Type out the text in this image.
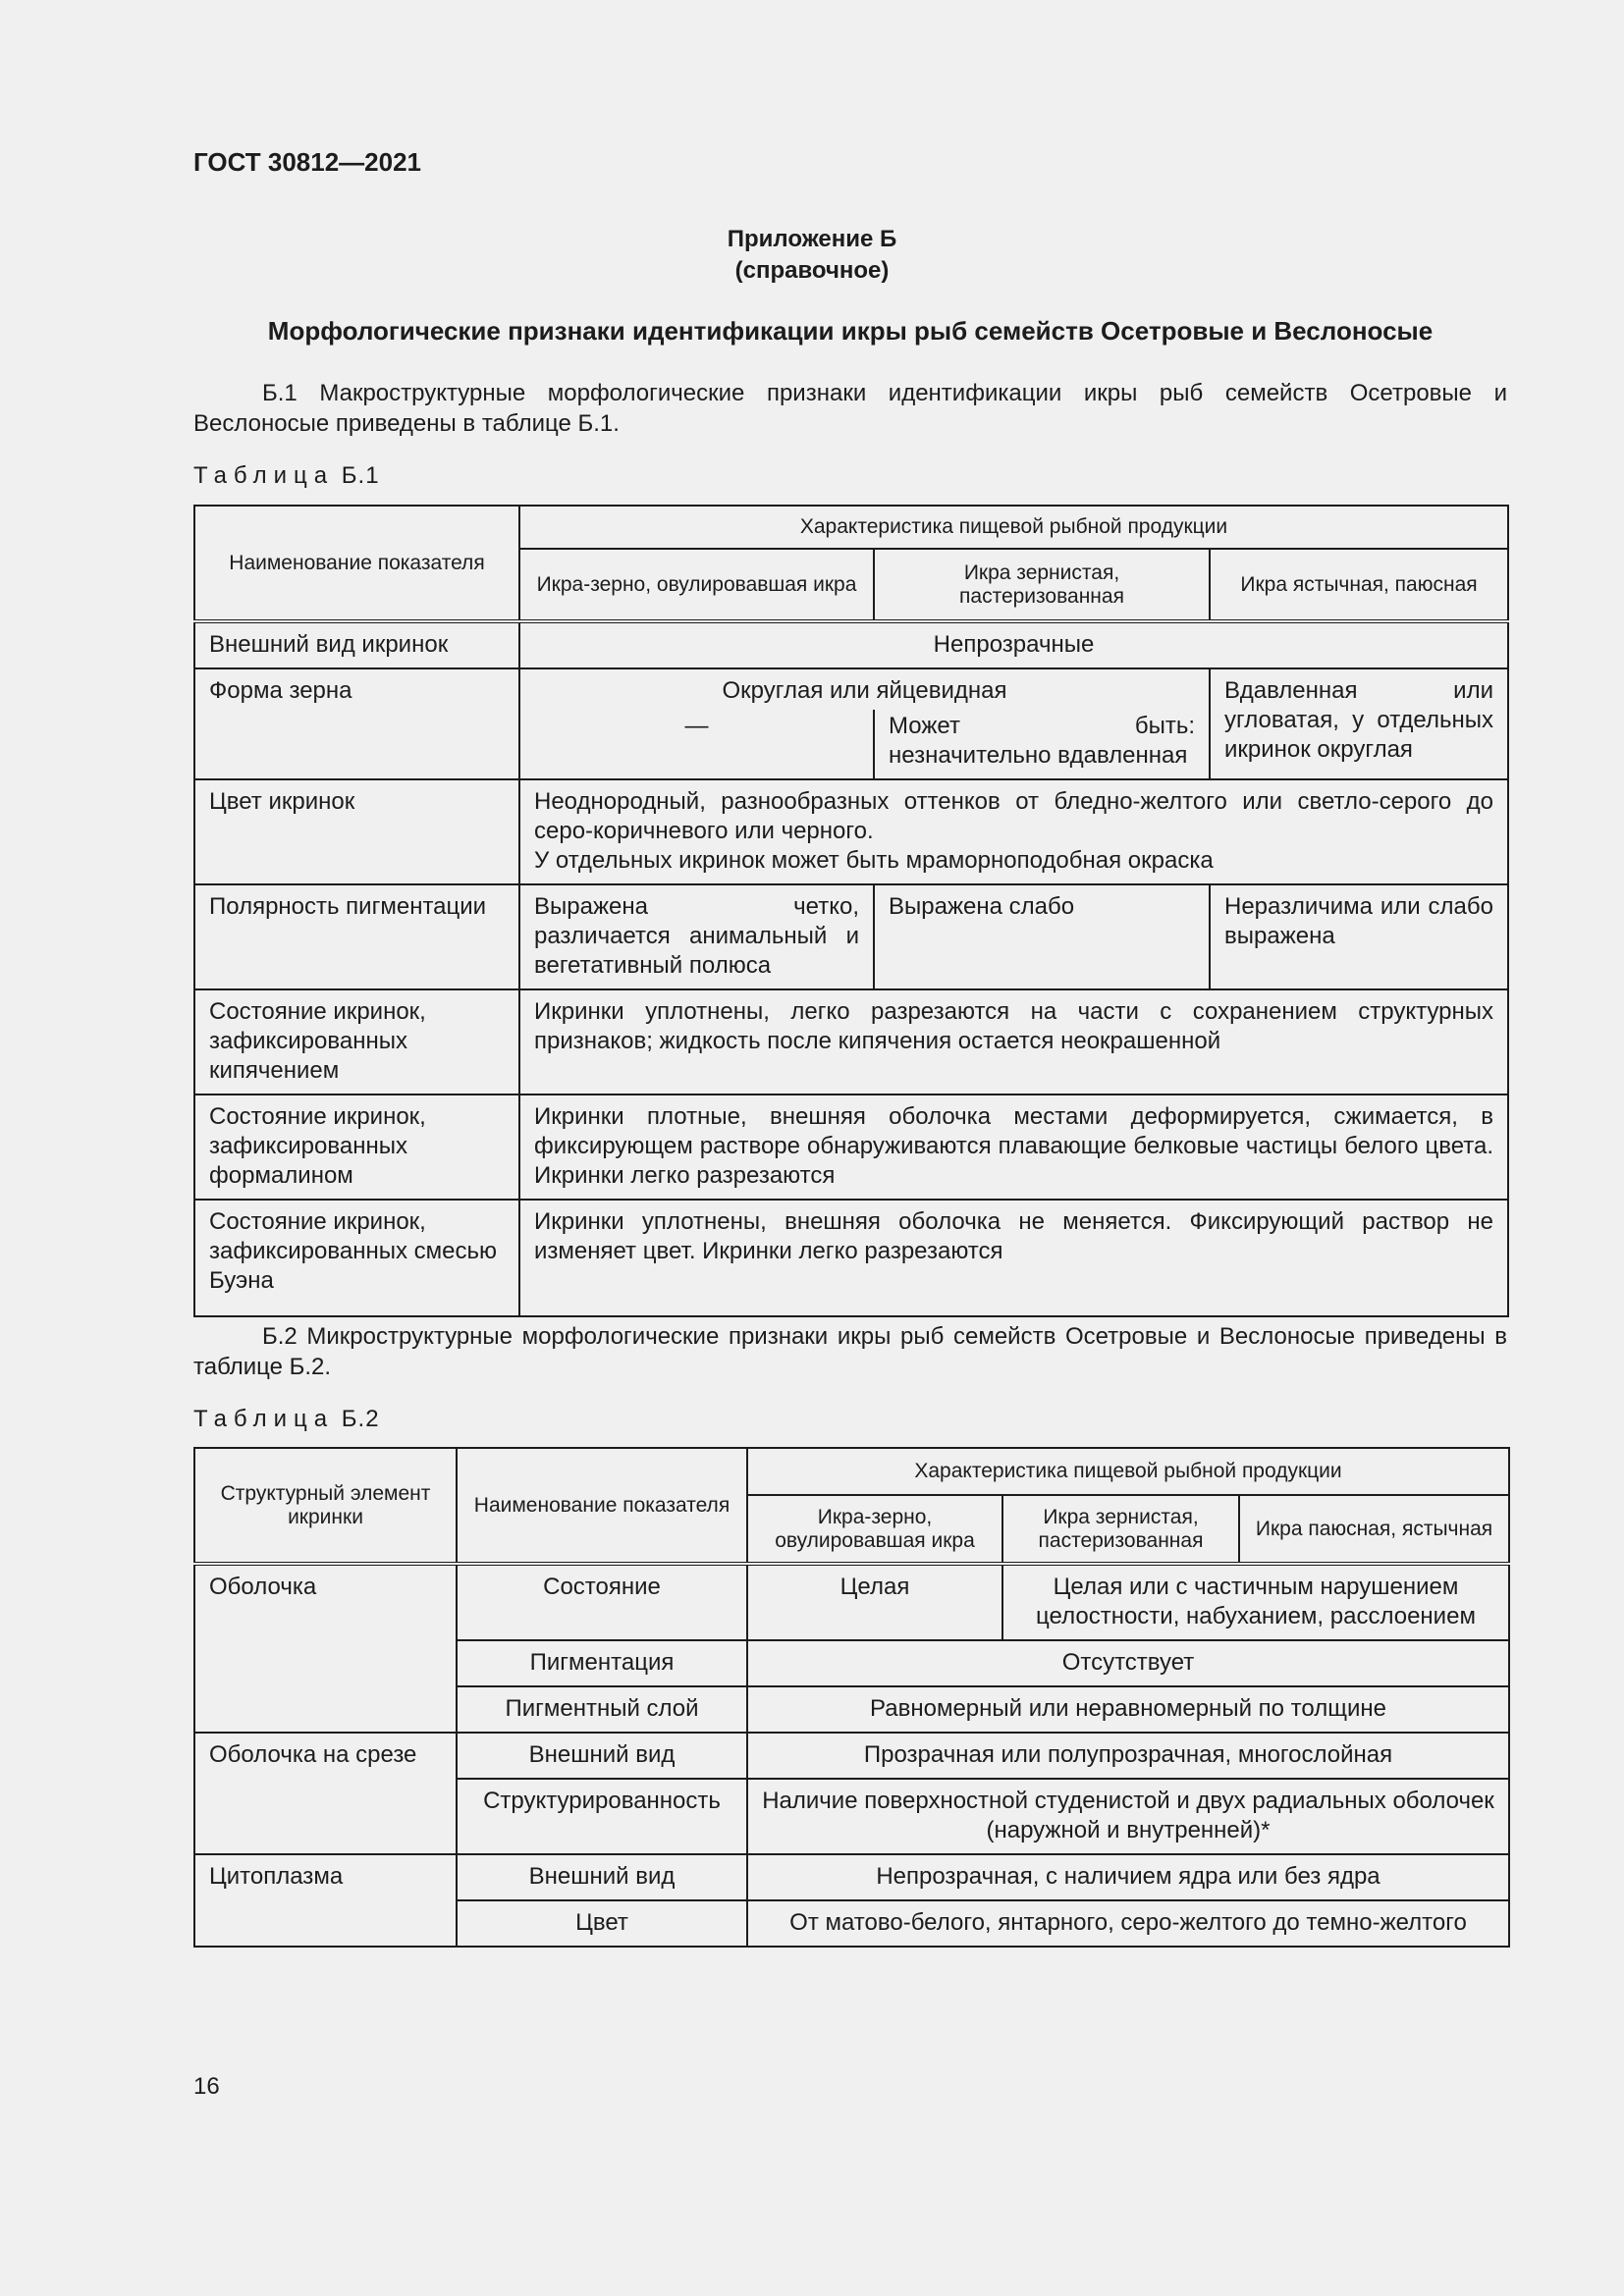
ГОСТ 30812—2021
Приложение Б
(справочное)
Морфологические признаки идентификации икры рыб семейств Осетровые и Веслоносые

Б.1 Макроструктурные морфологические признаки идентификации икры рыб семейств Осетровые и Веслоносые приведены в таблице Б.1.

Таблица Б.1
Наименование показателя	Характеристика пищевой рыбной продукции		
	Икра-зерно, овулировавшая икра	Икра зернистая, пастеризованная	Икра ястычная, паюсная
Внешний вид икринок	Непрозрачные		
Форма зерна	Округлая или яйцевидная		Вдавленная или угловатая, у отдельных икринок округлая
	—	Может быть: незначительно вдавленная	
Цвет икринок	Неоднородный, разнообразных оттенков от бледно-желтого или светло-серого до серо-коричневого или черного.
У отдельных икринок может быть мраморноподобная окраска		
Полярность пигментации	Выражена четко, различается анимальный и вегетативный полюса	Выражена слабо	Неразличима или слабо выражена
Состояние икринок, зафиксированных кипячением	Икринки уплотнены, легко разрезаются на части с сохранением структурных признаков; жидкость после кипячения остается неокрашенной		
Состояние икринок, зафиксированных формалином	Икринки плотные, внешняя оболочка местами деформируется, сжимается, в фиксирующем растворе обнаруживаются плавающие белковые частицы белого цвета. Икринки легко разрезаются		
Состояние икринок, зафиксированных смесью Буэна	Икринки уплотнены, внешняя оболочка не меняется. Фиксирующий раствор не изменяет цвет. Икринки легко разрезаются		

Б.2 Микроструктурные морфологические признаки икры рыб семейств Осетровые и Веслоносые приведены в таблице Б.2.

Таблица Б.2
Структурный элемент икринки	Наименование показателя	Характеристика пищевой рыбной продукции		
		Икра-зерно, овулировавшая икра	Икра зернистая, пастеризованная	Икра паюсная, ястычная
Оболочка	Состояние	Целая	Целая или с частичным нарушением целостности, набуханием, расслоением	
	Пигментация	Отсутствует		
	Пигментный слой	Равномерный или неравномерный по толщине		
Оболочка на срезе	Внешний вид	Прозрачная или полупрозрачная, многослойная		
	Структурированность	Наличие поверхностной студенистой и двух радиальных оболочек (наружной и внутренней)*		
Цитоплазма	Внешний вид	Непрозрачная, с наличием ядра или без ядра		
	Цвет	От матово-белого, янтарного, серо-желтого до темно-желтого		
16
